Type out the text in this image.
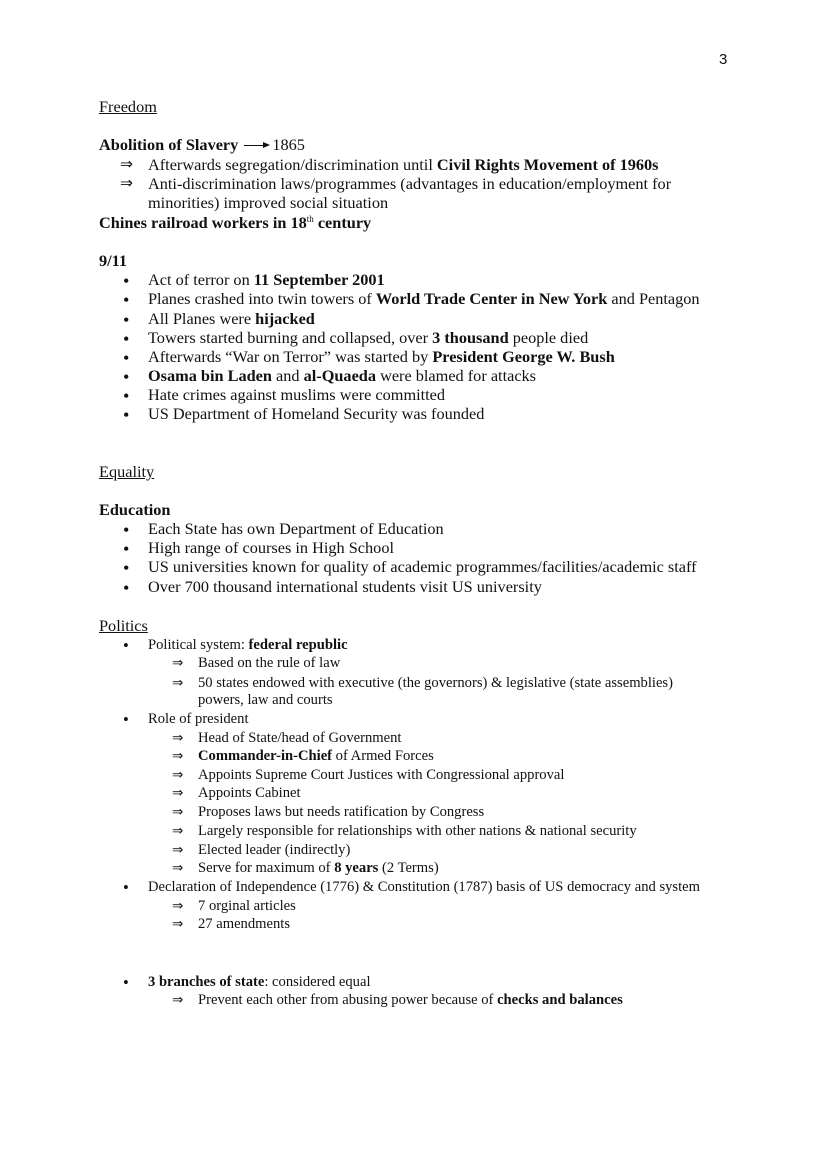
3
Freedom
Abolition of Slavery 1865
⇒ Afterwards segregation/discrimination until Civil Rights Movement of 1960s
⇒ Anti-discrimination laws/programmes (advantages in education/employment for
minorities) improved social situation
Chines railroad workers in 18th century
9/11
• Act of terror on 11 September 2001
• Planes crashed into twin towers of World Trade Center in New York and Pentagon
• All Planes were hijacked
• Towers started burning and collapsed, over 3 thousand people died
• Afterwards “War on Terror” was started by President George W. Bush
• Osama bin Laden and al-Quaeda were blamed for attacks
• Hate crimes against muslims were committed
• US Department of Homeland Security was founded
Equality
Education
• Each State has own Department of Education
• High range of courses in High School
• US universities known for quality of academic programmes/facilities/academic staff
• Over 700 thousand international students visit US university
Politics
• Political system: federal republic
⇒ Based on the rule of law
⇒ 50 states endowed with executive (the governors) & legislative (state assemblies)
powers, law and courts
• Role of president
⇒ Head of State/head of Government
⇒ Commander-in-Chief of Armed Forces
⇒ Appoints Supreme Court Justices with Congressional approval
⇒ Appoints Cabinet
⇒ Proposes laws but needs ratification by Congress
⇒ Largely responsible for relationships with other nations & national security
⇒ Elected leader (indirectly)
⇒ Serve for maximum of 8 years (2 Terms)
• Declaration of Independence (1776) & Constitution (1787) basis of US democracy and system
⇒ 7 orginal articles
⇒ 27 amendments
• 3 branches of state: considered equal
⇒ Prevent each other from abusing power because of checks and balances
